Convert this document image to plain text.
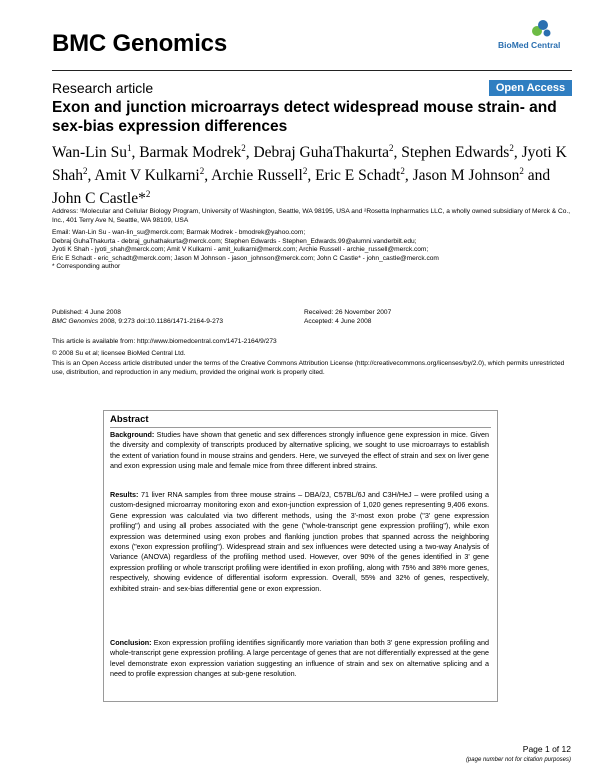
BMC Genomics	BioMed Central
Research article	Open Access
Exon and junction microarrays detect widespread mouse strain- and sex-bias expression differences
Wan-Lin Su$^1$, Barmak Modrek$^2$, Debraj GuhaThakurta$^2$, Stephen Edwards$^2$, Jyoti K Shah$^2$, Amit V Kulkarni$^2$, Archie Russell$^2$, Eric E Schadt$^2$, Jason M Johnson$^2$ and John C Castle*$^2$
Address: ¹Molecular and Cellular Biology Program, University of Washington, Seattle, WA 98195, USA and ²Rosetta Inpharmatics LLC, a wholly owned subsidiary of Merck & Co., Inc., 401 Terry Ave N, Seattle, WA 98109, USA
Email: Wan-Lin Su - wan-lin_su@merck.com; Barmak Modrek - bmodrek@yahoo.com;
Debraj GuhaThakurta - debraj_guhathakurta@merck.com; Stephen Edwards - Stephen_Edwards.99@alumni.vanderbilt.edu;
Jyoti K Shah - jyoti_shah@merck.com; Amit V Kulkarni - amit_kulkarni@merck.com; Archie Russell - archie_russell@merck.com;
Eric E Schadt - eric_schadt@merck.com; Jason M Johnson - jason_johnson@merck.com; John C Castle* - john_castle@merck.com
* Corresponding author
Published: 4 June 2008
BMC Genomics 2008, 9:273 doi:10.1186/1471-2164-9-273
Received: 26 November 2007
Accepted: 4 June 2008
This article is available from: http://www.biomedcentral.com/1471-2164/9/273
© 2008 Su et al; licensee BioMed Central Ltd.
This is an Open Access article distributed under the terms of the Creative Commons Attribution License (http://creativecommons.org/licenses/by/2.0), which permits unrestricted use, distribution, and reproduction in any medium, provided the original work is properly cited.
Abstract
Background: Studies have shown that genetic and sex differences strongly influence gene expression in mice. Given the diversity and complexity of transcripts produced by alternative splicing, we sought to use microarrays to establish the extent of variation found in mouse strains and genders. Here, we surveyed the effect of strain and sex on liver gene and exon expression using male and female mice from three different inbred strains.
Results: 71 liver RNA samples from three mouse strains – DBA/2J, C57BL/6J and C3H/HeJ – were profiled using a custom-designed microarray monitoring exon and exon-junction expression of 1,020 genes representing 9,406 exons. Gene expression was calculated via two different methods, using the 3'-most exon probe ("3' gene expression profiling") and using all probes associated with the gene ("whole-transcript gene expression profiling"), while exon expression was determined using exon probes and flanking junction probes that spanned across the neighboring exons ("exon expression profiling"). Widespread strain and sex influences were detected using a two-way Analysis of Variance (ANOVA) regardless of the profiling method used. However, over 90% of the genes identified in 3' gene expression profiling or whole transcript profiling were identified in exon profiling, along with 75% and 38% more genes, respectively, showing evidence of differential isoform expression. Overall, 55% and 32% of genes, respectively, exhibited strain- and sex-bias differential gene or exon expression.
Conclusion: Exon expression profiling identifies significantly more variation than both 3' gene expression profiling and whole-transcript gene expression profiling. A large percentage of genes that are not differentially expressed at the gene level demonstrate exon expression variation suggesting an influence of strain and sex on alternative splicing and a need to profile expression changes at sub-gene resolution.
Page 1 of 12
(page number not for citation purposes)
